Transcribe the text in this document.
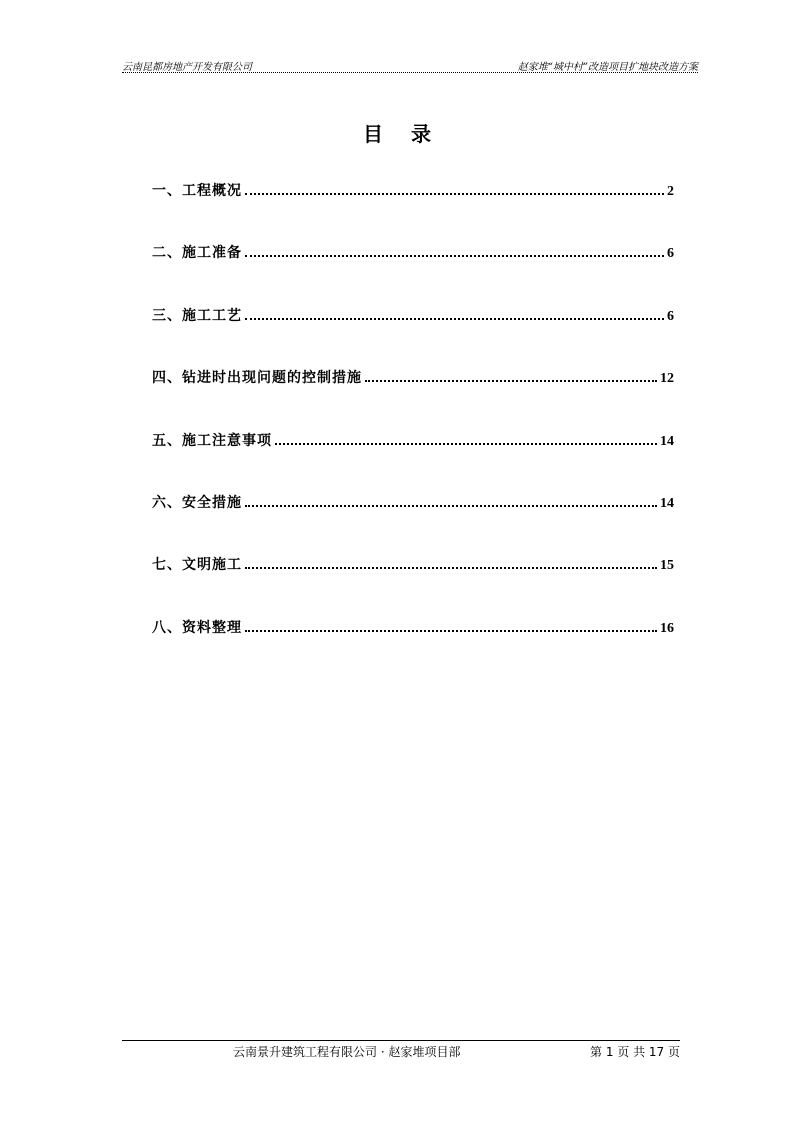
云南昆都房地产开发有限公司	赵家堆“城中村”改造项目扩地块改造方案
目录
一、工程概况	2
二、施工准备	6
三、施工工艺	6
四、钻进时出现问题的控制措施	12
五、施工注意事项	14
六、安全措施	14
七、文明施工	15
八、资料整理	16
云南景升建筑工程有限公司 · 赵家堆项目部	第 1 页 共 17 页
